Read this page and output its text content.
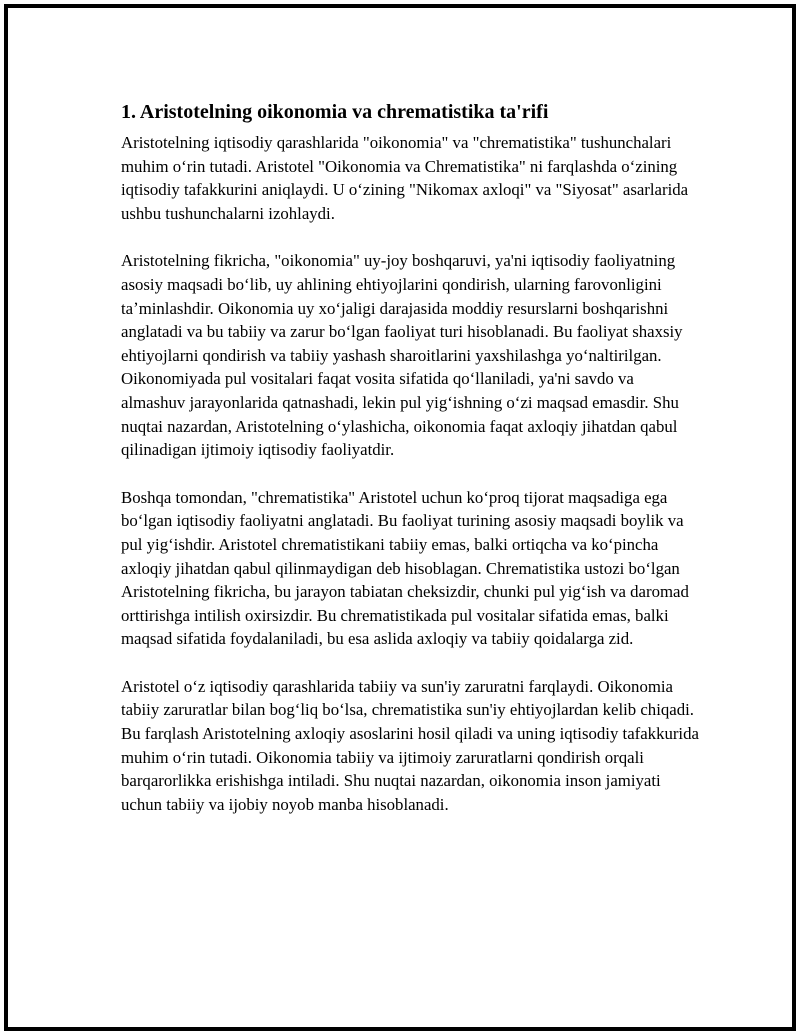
1. Aristotelning oikonomia va chrematistika ta'rifi

Aristotelning iqtisodiy qarashlarida "oikonomia" va "chrematistika" tushunchalari muhim oʻrin tutadi. Aristotel "Oikonomia va Chrematistika" ni farqlashda oʻzining iqtisodiy tafakkurini aniqlaydi. U oʻzining "Nikomax axloqi" va "Siyosat" asarlarida ushbu tushunchalarni izohlaydi.

Aristotelning fikricha, "oikonomia" uy-joy boshqaruvi, ya'ni iqtisodiy faoliyatning asosiy maqsadi boʻlib, uy ahlining ehtiyojlarini qondirish, ularning farovonligini taʼminlashdir. Oikonomia uy xoʻjaligi darajasida moddiy resurslarni boshqarishni anglatadi va bu tabiiy va zarur boʻlgan faoliyat turi hisoblanadi. Bu faoliyat shaxsiy ehtiyojlarni qondirish va tabiiy yashash sharoitlarini yaxshilashga yoʻnaltirilgan. Oikonomiyada pul vositalari faqat vosita sifatida qoʻllaniladi, ya'ni savdo va almashuv jarayonlarida qatnashadi, lekin pul yigʻishning oʻzi maqsad emasdir. Shu nuqtai nazardan, Aristotelning oʻylashicha, oikonomia faqat axloqiy jihatdan qabul qilinadigan ijtimoiy iqtisodiy faoliyatdir.

Boshqa tomondan, "chrematistika" Aristotel uchun koʻproq tijorat maqsadiga ega boʻlgan iqtisodiy faoliyatni anglatadi. Bu faoliyat turining asosiy maqsadi boylik va pul yigʻishdir. Aristotel chrematistikani tabiiy emas, balki ortiqcha va koʻpincha axloqiy jihatdan qabul qilinmaydigan deb hisoblagan. Chrematistika ustozi boʻlgan Aristotelning fikricha, bu jarayon tabiatan cheksizdir, chunki pul yigʻish va daromad orttirishga intilish oxirsizdir. Bu chrematistikada pul vositalar sifatida emas, balki maqsad sifatida foydalaniladi, bu esa aslida axloqiy va tabiiy qoidalarga zid.

Aristotel oʻz iqtisodiy qarashlarida tabiiy va sun'iy zaruratni farqlaydi. Oikonomia tabiiy zaruratlar bilan bogʻliq boʻlsa, chrematistika sun'iy ehtiyojlardan kelib chiqadi. Bu farqlash Aristotelning axloqiy asoslarini hosil qiladi va uning iqtisodiy tafakkurida muhim oʻrin tutadi. Oikonomia tabiiy va ijtimoiy zaruratlarni qondirish orqali barqarorlikka erishishga intiladi. Shu nuqtai nazardan, oikonomia inson jamiyati uchun tabiiy va ijobiy noyob manba hisoblanadi.
